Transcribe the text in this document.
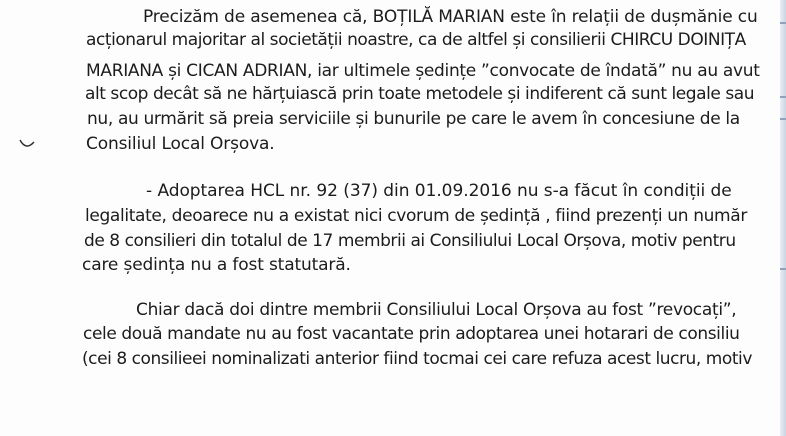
Precizăm de asemenea că, BOȚILĂ MARIAN este în relații de dușmănie cu
acționarul majoritar al societății noastre, ca de altfel și consilierii CHIRCU DOINIȚA
MARIANA și CICAN ADRIAN, iar ultimele ședințe ”convocate de îndată” nu au avut
alt scop decât să ne hărțuiască prin toate metodele și indiferent că sunt legale sau
nu, au urmărit să preia serviciile și bunurile pe care le avem în concesiune de la
Consiliul Local Orșova.
- Adoptarea HCL nr. 92 (37) din 01.09.2016 nu s-a făcut în condiții de
legalitate, deoarece nu a existat nici cvorum de ședință , fiind prezenți un număr
de 8 consilieri din totalul de 17 membrii ai Consiliului Local Orșova, motiv pentru
care ședința nu a fost statutară.
Chiar dacă doi dintre membrii Consiliului Local Orșova au fost ”revocați”,
cele două mandate nu au fost vacantate prin adoptarea unei hotarari de consiliu
(cei 8 consilieei nominalizati anterior fiind tocmai cei care refuza acest lucru, motiv
